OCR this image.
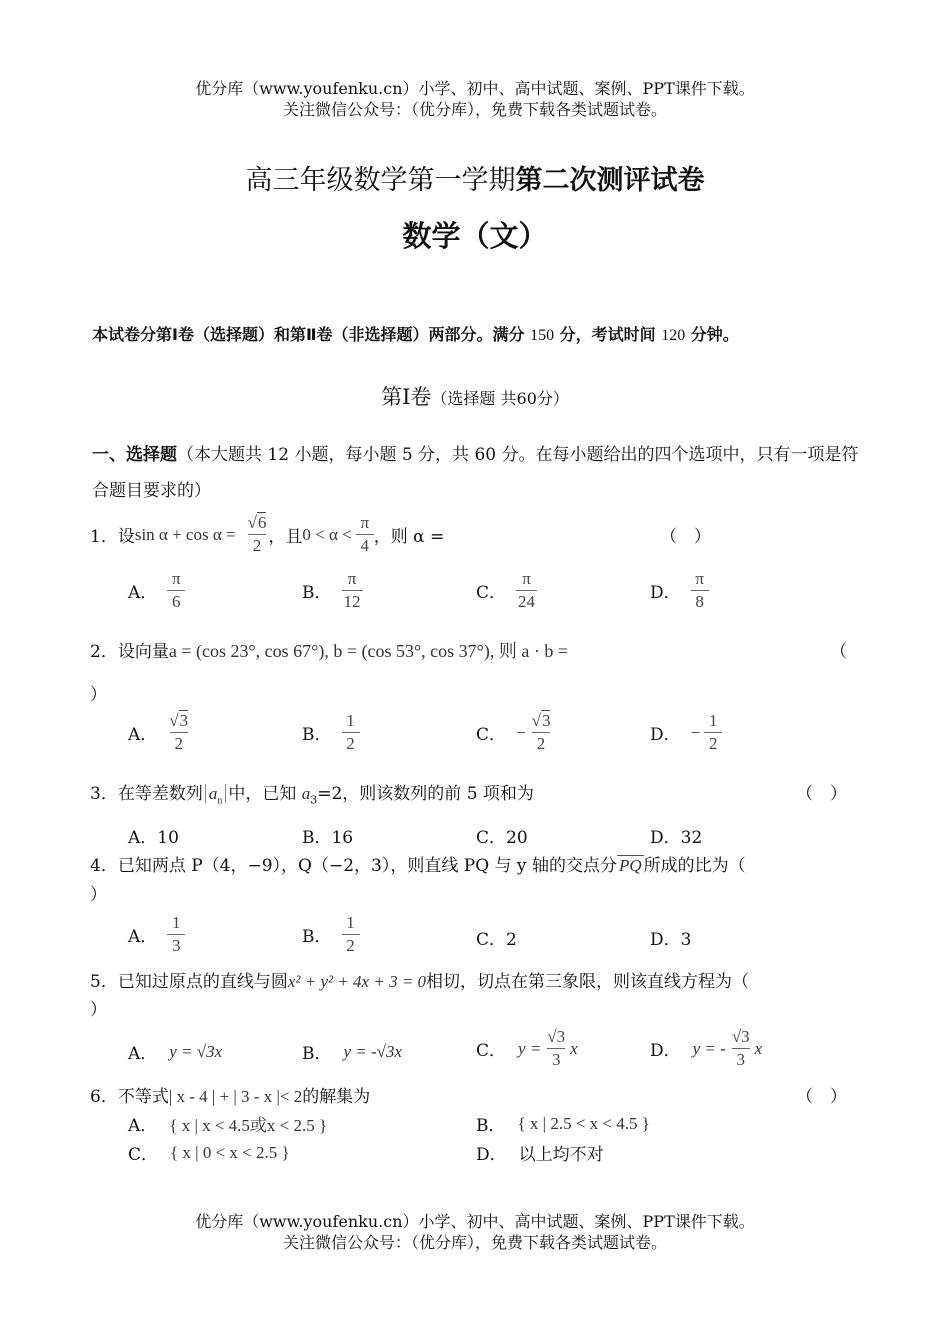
优分库（www.youfenku.cn）小学、初中、高中试题、案例、PPT课件下载。
关注微信公众号：（优分库），免费下载各类试题试卷。
高三年级数学第一学期第二次测评试卷
数学（文）
本试卷分第Ⅰ卷（选择题）和第Ⅱ卷（非选择题）两部分。满分 150 分，考试时间 120 分钟。
第Ⅰ卷（选择题 共60分）
一、选择题（本大题共 12 小题，每小题 5 分，共 60 分。在每小题给出的四个选项中，只有一项是符合题目要求的）
1．设 $\sin \alpha + \cos \alpha = \frac{√6}{2}$ ，且 $0 < \alpha < \frac{\pi}{4}$ ，则 α =	（　）
A． $\frac{\pi}{6}$	B． $\frac{\pi}{12}$	C． $\frac{\pi}{24}$	D． $\frac{\pi}{8}$
2．设向量a = (cos 23°, cos 67°), b = (cos 53°, cos 37°), 则 a · b =	（
）
A． $\frac{√3}{2}$	B． $\frac{1}{2}$	C． − $\frac{√3}{2}$	D． − $\frac{1}{2}$
3．在等差数列 $a_n$ 中，已知 $a_3=2$，则该数列的前 5 项和为	（　）
A．10	B．16	C．20	D．32
4．已知两点 P（4，−9），Q（−2，3），则直线 PQ 与 y 轴的交点分 PQ 所成的比为（
）
A． $\frac{1}{3}$	B． $\frac{1}{2}$	C．2	D．3
5．已知过原点的直线与圆x² + y² + 4x + 3 = 0相切，切点在第三象限，则该直线方程为（
）
A． y = √3x	B． y = -√3x	C． $y = \frac{√3}{3}$ x	D． y = - $\frac{√3}{3}$ x
6．不等式| x - 4 | + | 3 - x |< 2的解集为	（　）
A． { x | x < 4.5或x < 2.5 }	B． { x | 2.5 < x < 4.5 }
C． { x | 0 < x < 2.5 }	D． 以上均不对
优分库（www.youfenku.cn）小学、初中、高中试题、案例、PPT课件下载。
关注微信公众号：（优分库），免费下载各类试题试卷。
